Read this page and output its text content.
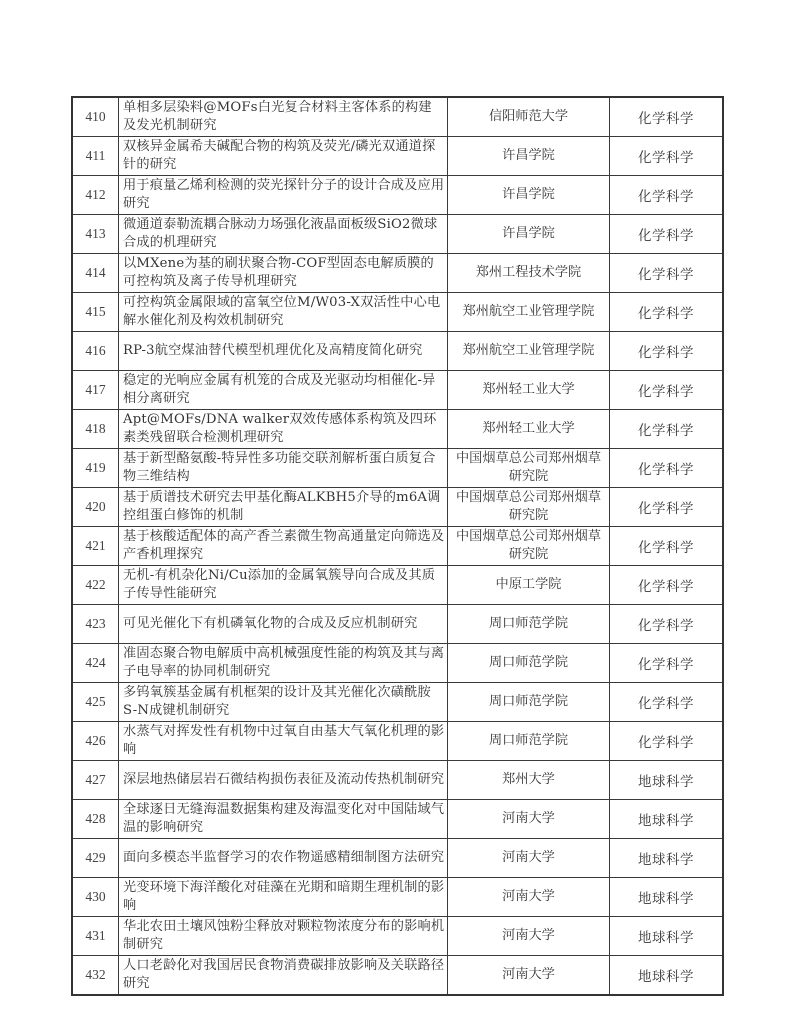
410	单相多层染料@MOFs白光复合材料主客体系的构建及发光机制研究	信阳师范大学	化学科学
411	双核异金属希夫碱配合物的构筑及荧光/磷光双通道探针的研究	许昌学院	化学科学
412	用于痕量乙烯利检测的荧光探针分子的设计合成及应用研究	许昌学院	化学科学
413	微通道泰勒流耦合脉动力场强化液晶面板级SiO2微球合成的机理研究	许昌学院	化学科学
414	以MXene为基的刷状聚合物-COF型固态电解质膜的可控构筑及离子传导机理研究	郑州工程技术学院	化学科学
415	可控构筑金属限域的富氧空位M/W03-X双活性中心电解水催化剂及构效机制研究	郑州航空工业管理学院	化学科学
416	RP-3航空煤油替代模型机理优化及高精度简化研究	郑州航空工业管理学院	化学科学
417	稳定的光响应金属有机笼的合成及光驱动均相催化-异相分离研究	郑州轻工业大学	化学科学
418	Apt@MOFs/DNA walker双效传感体系构筑及四环素类残留联合检测机理研究	郑州轻工业大学	化学科学
419	基于新型酪氨酸-特异性多功能交联剂解析蛋白质复合物三维结构	中国烟草总公司郑州烟草研究院	化学科学
420	基于质谱技术研究去甲基化酶ALKBH5介导的m6A调控组蛋白修饰的机制	中国烟草总公司郑州烟草研究院	化学科学
421	基于核酸适配体的高产香兰素微生物高通量定向筛选及产香机理探究	中国烟草总公司郑州烟草研究院	化学科学
422	无机-有机杂化Ni/Cu添加的金属氧簇导向合成及其质子传导性能研究	中原工学院	化学科学
423	可见光催化下有机磷氧化物的合成及反应机制研究	周口师范学院	化学科学
424	准固态聚合物电解质中高机械强度性能的构筑及其与离子电导率的协同机制研究	周口师范学院	化学科学
425	多钨氧簇基金属有机框架的设计及其光催化次磺酰胺S-N成键机制研究	周口师范学院	化学科学
426	水蒸气对挥发性有机物中过氧自由基大气氧化机理的影响	周口师范学院	化学科学
427	深层地热储层岩石微结构损伤表征及流动传热机制研究	郑州大学	地球科学
428	全球逐日无缝海温数据集构建及海温变化对中国陆域气温的影响研究	河南大学	地球科学
429	面向多模态半监督学习的农作物遥感精细制图方法研究	河南大学	地球科学
430	光变环境下海洋酸化对硅藻在光期和暗期生理机制的影响	河南大学	地球科学
431	华北农田土壤风蚀粉尘释放对颗粒物浓度分布的影响机制研究	河南大学	地球科学
432	人口老龄化对我国居民食物消费碳排放影响及关联路径研究	河南大学	地球科学
